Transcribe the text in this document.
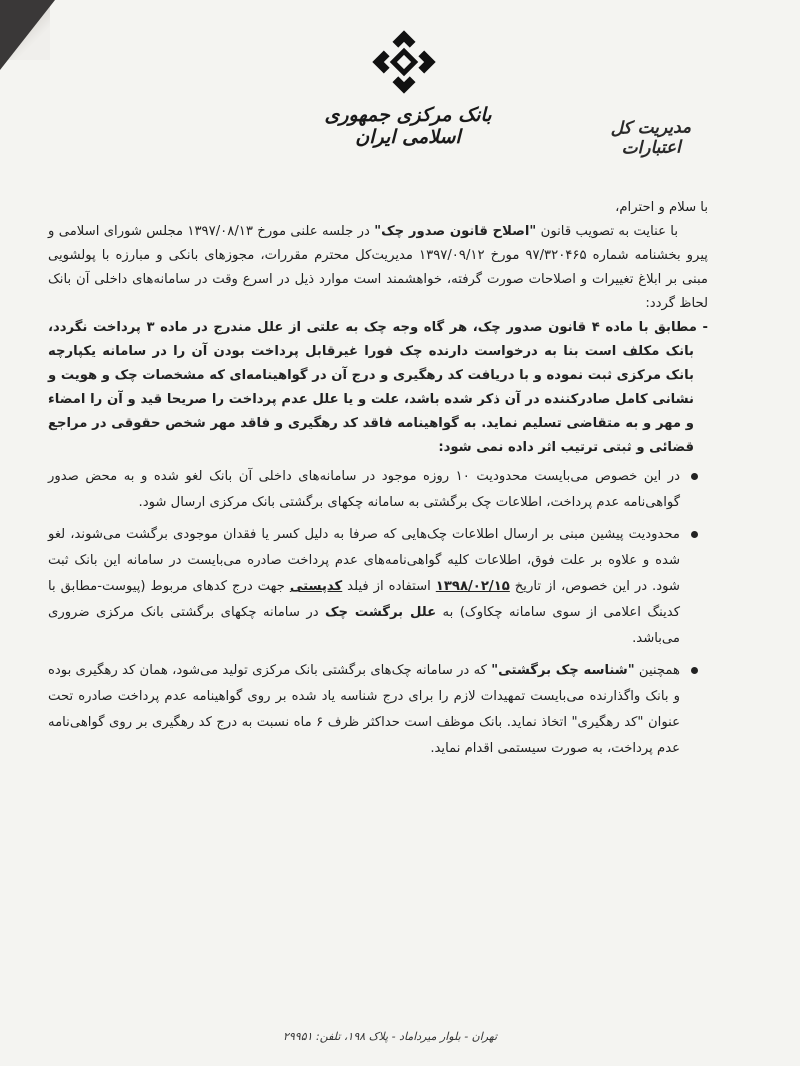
بانک مرکزی جمهوری اسلامی ایران	مدیریت کل اعتبارات

با سلام و احترام،

با عنایت به تصویب قانون "اصلاح قانون صدور چک" در جلسه علنی مورخ ۱۳۹۷/۰۸/۱۳ مجلس شورای اسلامی و پیرو بخشنامه شماره ۹۷/۳۲۰۴۶۵ مورخ ۱۳۹۷/۰۹/۱۲ مدیریت‌کل محترم مقررات، مجوزهای بانکی و مبارزه با پولشویی مبنی بر ابلاغ تغییرات و اصلاحات صورت گرفته، خواهشمند است موارد ذیل در اسرع وقت در سامانه‌های داخلی آن بانک لحاظ گردد:

- مطابق با ماده ۴ قانون صدور چک، هر گاه وجه چک به علتی از علل مندرج در ماده ۳ پرداخت نگردد، بانک مکلف است بنا به درخواست دارنده چک فورا غیرقابل پرداخت بودن آن را در سامانه یکپارچه بانک مرکزی ثبت نموده و با دریافت کد رهگیری و درج آن در گواهینامه‌ای که مشخصات چک و هویت و نشانی کامل صادرکننده در آن ذکر شده باشد، علت و یا علل عدم پرداخت را صریحا قید و آن را امضاء و مهر و به متقاضی تسلیم نماید. به گواهینامه فاقد کد رهگیری و فاقد مهر شخص حقوقی در مراجع قضائی و ثبتی ترتیب اثر داده نمی شود:

در این خصوص می‌بایست محدودیت ۱۰ روزه موجود در سامانه‌های داخلی آن بانک لغو شده و به محض صدور گواهی‌نامه عدم پرداخت، اطلاعات چک برگشتی به سامانه چکهای برگشتی بانک مرکزی ارسال شود.
محدودیت پیشین مبنی بر ارسال اطلاعات چک‌هایی که صرفا به دلیل کسر یا فقدان موجودی برگشت می‌شوند، لغو شده و علاوه بر علت فوق، اطلاعات کلیه گواهی‌نامه‌های عدم پرداخت صادره می‌بایست در سامانه این بانک ثبت شود. در این خصوص، از تاریخ ۱۳۹۸/۰۲/۱۵ استفاده از فیلد کدپستی جهت درج کدهای مربوط (پیوست-مطابق با کدینگ اعلامی از سوی سامانه چکاوک) به علل برگشت چک در سامانه چکهای برگشتی بانک مرکزی ضروری می‌باشد.
همچنین "شناسه چک برگشتی" که در سامانه چک‌های برگشتی بانک مرکزی تولید می‌شود، همان کد رهگیری بوده و بانک واگذارنده می‌بایست تمهیدات لازم را برای درج شناسه یاد شده بر روی گواهینامه عدم پرداخت صادره تحت عنوان "کد رهگیری" اتخاذ نماید. بانک موظف است حداکثر ظرف ۶ ماه نسبت به درج کد رهگیری بر روی گواهی‌نامه عدم پرداخت، به صورت سیستمی اقدام نماید.
تهران - بلوار میرداماد - پلاک ۱۹۸، تلفن: ۲۹۹۵۱
